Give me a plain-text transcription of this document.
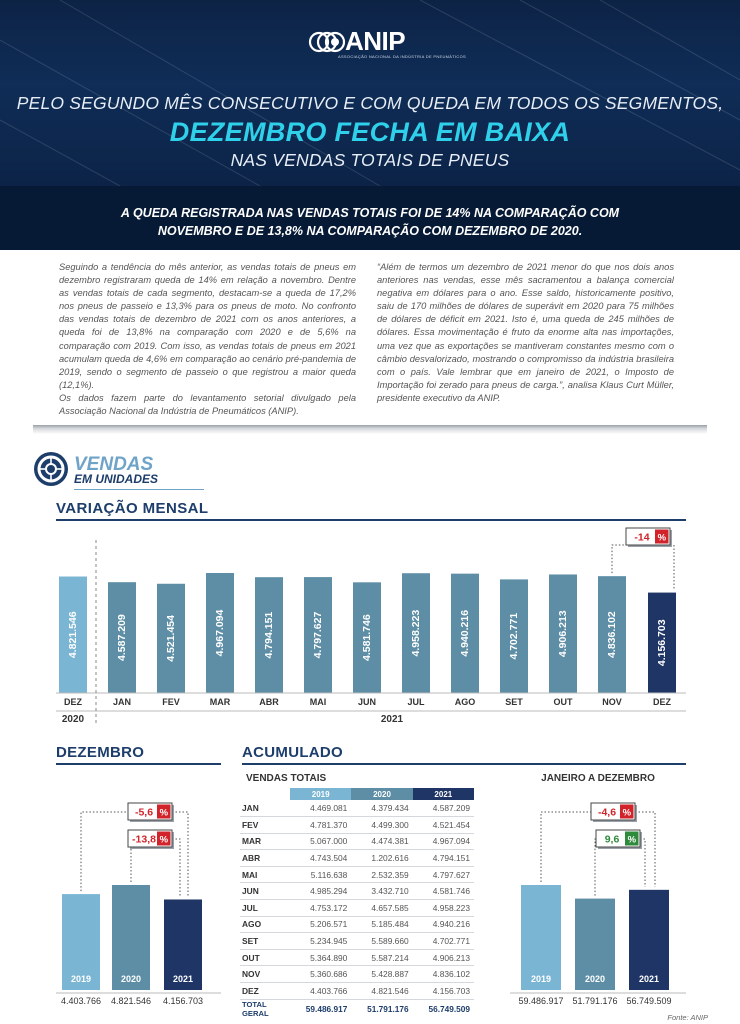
ANIP
ASSOCIAÇÃO NACIONAL DA INDÚSTRIA DE PNEUMÁTICOS
PELO SEGUNDO MÊS CONSECUTIVO E COM QUEDA EM TODOS OS SEGMENTOS,
DEZEMBRO FECHA EM BAIXA
NAS VENDAS TOTAIS DE PNEUS
A QUEDA REGISTRADA NAS VENDAS TOTAIS FOI DE 14% NA COMPARAÇÃO COM
NOVEMBRO E DE 13,8% NA COMPARAÇÃO COM DEZEMBRO DE 2020.

Seguindo a tendência do mês anterior, as vendas totais de pneus em dezembro registraram queda de 14% em relação a novembro. Dentre as vendas totais de cada segmento, destacam-se a queda de 17,2% nos pneus de passeio e 13,3% para os pneus de moto. No confronto das vendas totais de dezembro de 2021 com os anos anteriores, a queda foi de 13,8% na comparação com 2020 e de 5,6% na comparação com 2019. Com isso, as vendas totais de pneus em 2021 acumulam queda de 4,6% em comparação ao cenário pré-pandemia de 2019, sendo o segmento de passeio o que registrou a maior queda (12,1%).

Os dados fazem parte do levantamento setorial divulgado pela Associação Nacional da Indústria de Pneumáticos (ANIP).

“Além de termos um dezembro de 2021 menor do que nos dois anos anteriores nas vendas, esse mês sacramentou a balança comercial negativa em dólares para o ano. Esse saldo, historicamente positivo, saiu de 170 milhões de dólares de superávit em 2020 para 75 milhões de dólares de déficit em 2021. Isto é, uma queda de 245 milhões de dólares. Essa movimentação é fruto da enorme alta nas importações, uma vez que as exportações se mantiveram constantes mesmo com o câmbio desvalorizado, mostrando o compromisso da indústria brasileira com o país. Vale lembrar que em janeiro de 2021, o Imposto de Importação foi zerado para pneus de carga.”, analisa Klaus Curt Müller, presidente executivo da ANIP.

VENDAS
EM UNIDADES
VARIAÇÃO MENSAL
4.821.546
DEZ
4.587.209
JAN
4.521.454
FEV
4.967.094
MAR
4.794.151
ABR
4.797.627
MAI
4.581.746
JUN
4.958.223
JUL
4.940.216
AGO
4.702.771
SET
4.906.213
OUT
4.836.102
NOV
4.156.703
DEZ
2020	2021
-14 %
DEZEMBRO
2019
4.403.766
2020
4.821.546
2021
4.156.703
-5,6 %
-13,8 %
ACUMULADO
VENDAS TOTAIS
	2019	2020	2021
JAN	4.469.081	4.379.434	4.587.209
FEV	4.781.370	4.499.300	4.521.454
MAR	5.067.000	4.474.381	4.967.094
ABR	4.743.504	1.202.616	4.794.151
MAI	5.116.638	2.532.359	4.797.627
JUN	4.985.294	3.432.710	4.581.746
JUL	4.753.172	4.657.585	4.958.223
AGO	5.206.571	5.185.484	4.940.216
SET	5.234.945	5.589.660	4.702.771
OUT	5.364.890	5.587.214	4.906.213
NOV	5.360.686	5.428.887	4.836.102
DEZ	4.403.766	4.821.546	4.156.703
TOTAL GERAL	59.486.917	51.791.176	56.749.509
JANEIRO A DEZEMBRO
2019
59.486.917
2020
51.791.176
2021
56.749.509
-4,6 %
9,6 %
Fonte: ANIP
